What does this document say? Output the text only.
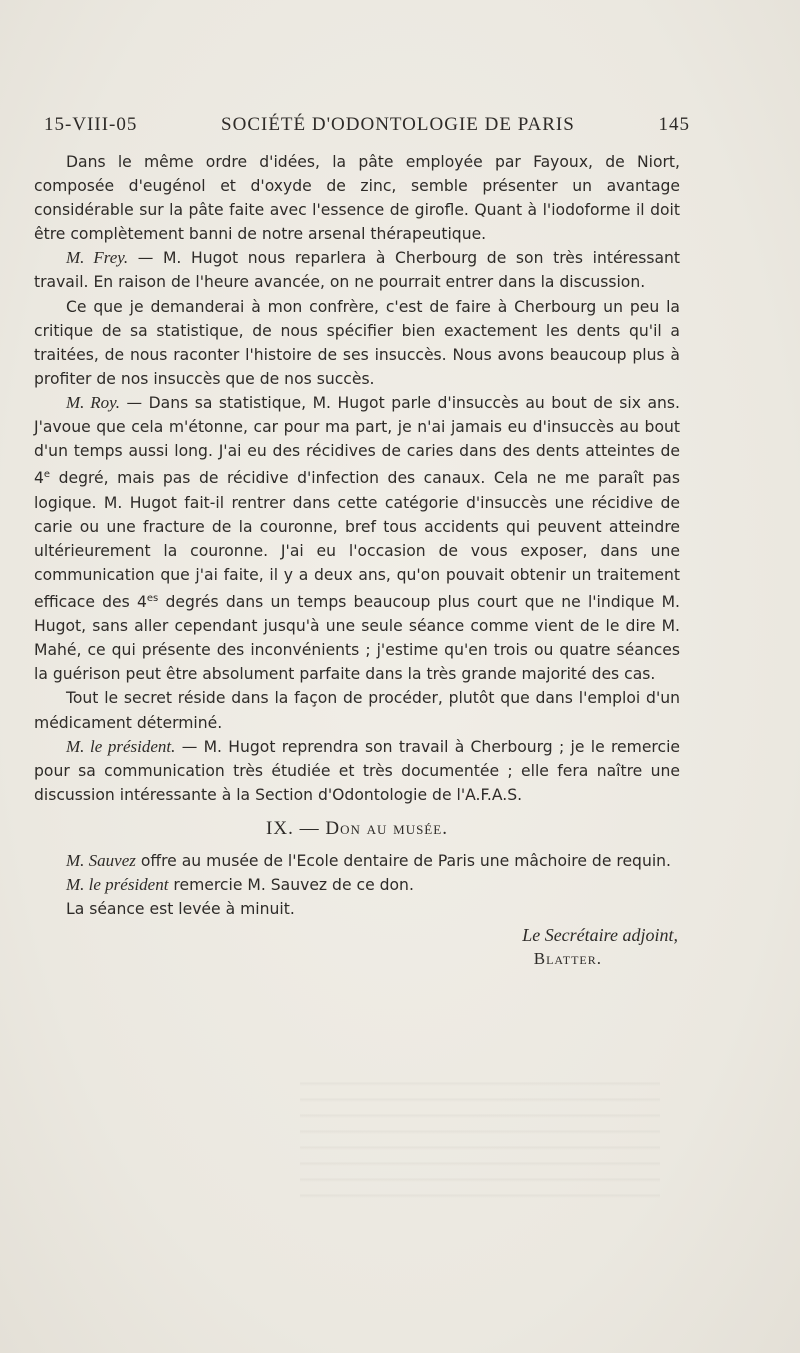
15-VIII-05	SOCIÉTÉ D'ODONTOLOGIE DE PARIS	145

Dans le même ordre d'idées, la pâte employée par Fayoux, de Niort, composée d'eugénol et d'oxyde de zinc, semble présenter un avantage considérable sur la pâte faite avec l'essence de girofle. Quant à l'iodoforme il doit être complètement banni de notre arsenal thérapeutique.

M. Frey. — M. Hugot nous reparlera à Cherbourg de son très intéressant travail. En raison de l'heure avancée, on ne pourrait entrer dans la discussion.

Ce que je demanderai à mon confrère, c'est de faire à Cherbourg un peu la critique de sa statistique, de nous spécifier bien exactement les dents qu'il a traitées, de nous raconter l'histoire de ses insuccès. Nous avons beaucoup plus à profiter de nos insuccès que de nos succès.

M. Roy. — Dans sa statistique, M. Hugot parle d'insuccès au bout de six ans. J'avoue que cela m'étonne, car pour ma part, je n'ai jamais eu d'insuccès au bout d'un temps aussi long. J'ai eu des récidives de caries dans des dents atteintes de 4e degré, mais pas de récidive d'infection des canaux. Cela ne me paraît pas logique. M. Hugot fait-il rentrer dans cette catégorie d'insuccès une récidive de carie ou une fracture de la couronne, bref tous accidents qui peuvent atteindre ultérieurement la couronne. J'ai eu l'occasion de vous exposer, dans une communication que j'ai faite, il y a deux ans, qu'on pouvait obtenir un traitement efficace des $4^{es}$ degrés dans un temps beaucoup plus court que ne l'indique M. Hugot, sans aller cependant jusqu'à une seule séance comme vient de le dire M. Mahé, ce qui présente des inconvénients ; j'estime qu'en trois ou quatre séances la guérison peut être absolument parfaite dans la très grande majorité des cas.

Tout le secret réside dans la façon de procéder, plutôt que dans l'emploi d'un médicament déterminé.

M. le président. — M. Hugot reprendra son travail à Cherbourg ; je le remercie pour sa communication très étudiée et très documentée ; elle fera naître une discussion intéressante à la Section d'Odontologie de l'A.F.A.S.

IX. — Don au musée.

M. Sauvez offre au musée de l'Ecole dentaire de Paris une mâchoire de requin.

M. le président remercie M. Sauvez de ce don.

La séance est levée à minuit.

Le Secrétaire adjoint,
Blatter.
